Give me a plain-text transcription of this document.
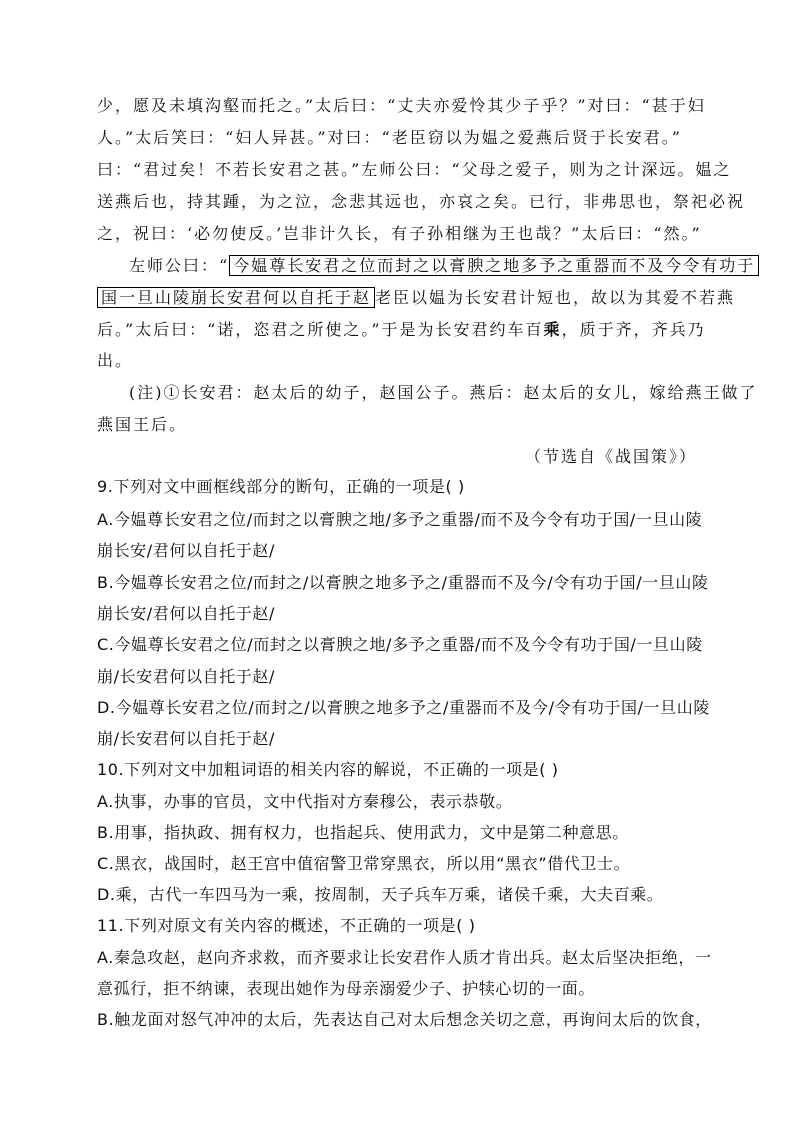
少，愿及未填沟壑而托之。”太后曰：“丈夫亦爱怜其少子乎？”对曰：“甚于妇
人。”太后笑曰：“妇人异甚。”对曰：“老臣窃以为媪之爱燕后贤于长安君。”
曰：“君过矣！不若长安君之甚。”左师公曰：“父母之爱子，则为之计深远。媪之
送燕后也，持其踵，为之泣，念悲其远也，亦哀之矣。已行，非弗思也，祭祀必祝
之，祝曰：‘必勿使反。’岂非计久长，有子孙相继为王也哉？”太后曰：“然。”
左师公曰：“ 今媪尊长安君之位而封之以膏腴之地多予之重器而不及今令有功于
国一旦山陵崩长安君何以自托于赵 老臣以媪为长安君计短也，故以为其爱不若燕
后。”太后曰：“诺，恣君之所使之。”于是为长安君约车百乘，质于齐，齐兵乃
出。
(注)①长安君：赵太后的幼子，赵国公子。燕后：赵太后的女儿，嫁给燕王做了
燕国王后。
（节选自《战国策》）
9.下列对文中画框线部分的断句，正确的一项是( )
A.今媪尊长安君之位/而封之以膏腴之地/多予之重器/而不及今令有功于国/一旦山陵
崩长安/君何以自托于赵/
B.今媪尊长安君之位/而封之/以膏腴之地多予之/重器而不及今/令有功于国/一旦山陵
崩长安/君何以自托于赵/
C.今媪尊长安君之位/而封之以膏腴之地/多予之重器/而不及今令有功于国/一旦山陵
崩/长安君何以自托于赵/
D.今媪尊长安君之位/而封之/以膏腴之地多予之/重器而不及今/令有功于国/一旦山陵
崩/长安君何以自托于赵/
10.下列对文中加粗词语的相关内容的解说，不正确的一项是( )
A.执事，办事的官员，文中代指对方秦穆公，表示恭敬。
B.用事，指执政、拥有权力，也指起兵、使用武力，文中是第二种意思。
C.黑衣，战国时，赵王宫中值宿警卫常穿黑衣，所以用“黑衣”借代卫士。
D.乘，古代一车四马为一乘，按周制，天子兵车万乘，诸侯千乘，大夫百乘。
11.下列对原文有关内容的概述，不正确的一项是( )
A.秦急攻赵，赵向齐求救，而齐要求让长安君作人质才肯出兵。赵太后坚决拒绝，一
意孤行，拒不纳谏，表现出她作为母亲溺爱少子、护犊心切的一面。
B.触龙面对怒气冲冲的太后，先表达自己对太后想念关切之意，再询问太后的饮食，
